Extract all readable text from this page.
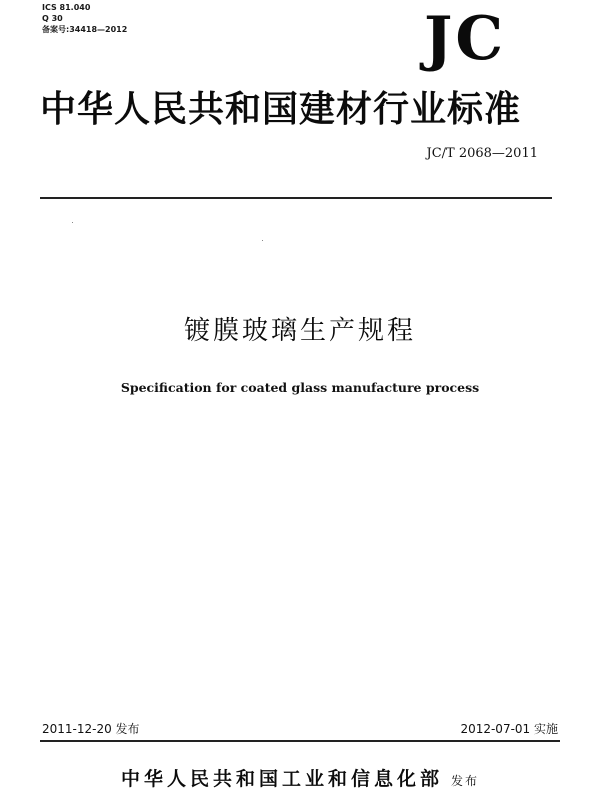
ICS 81.040
Q 30
备案号:34418—2012	JC
中华人民共和国建材行业标准
JC/T 2068—2011
镀膜玻璃生产规程
Specification for coated glass manufacture process
2011-12-20 发布	2012-07-01 实施
中华人民共和国工业和信息化部 发布
